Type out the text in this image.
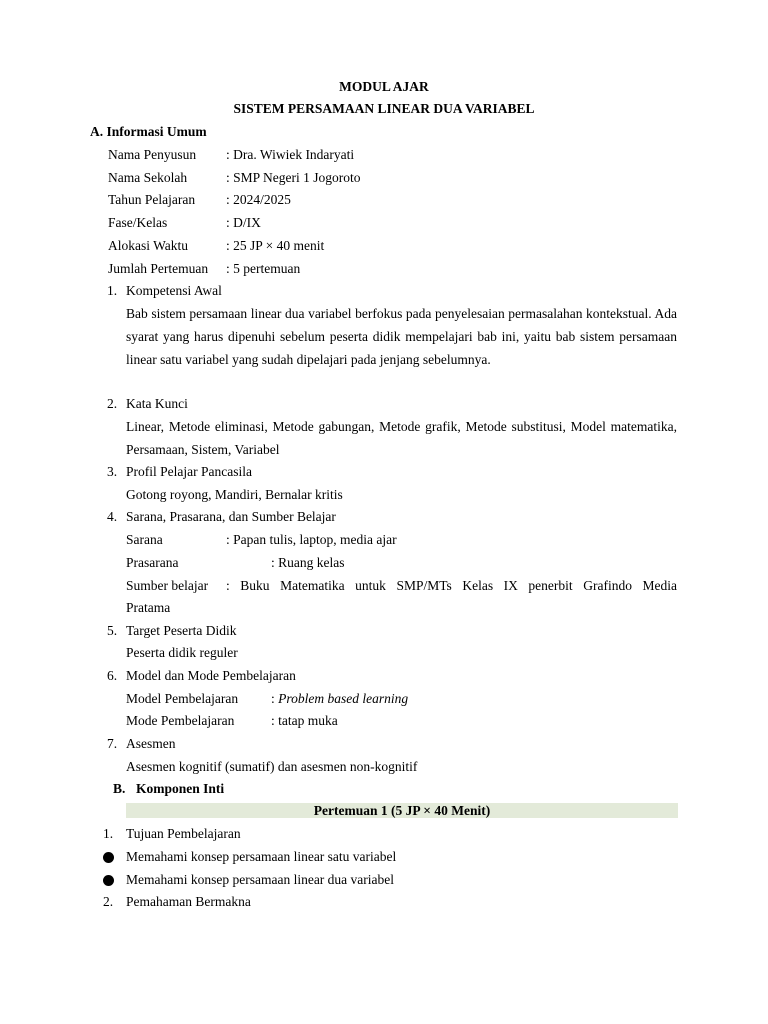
MODUL AJAR
SISTEM PERSAMAAN LINEAR DUA VARIABEL
A. Informasi Umum
Nama Penyusun : Dra. Wiwiek Indaryati
Nama Sekolah	: SMP Negeri 1 Jogoroto
Tahun Pelajaran : 2024/2025
Fase/Kelas	: D/IX
Alokasi Waktu	: 25 JP × 40 menit
Jumlah Pertemuan : 5 pertemuan
1. Kompetensi Awal
Bab sistem persamaan linear dua variabel berfokus pada penyelesaian permasalahan kontekstual. Ada syarat yang harus dipenuhi sebelum peserta didik mempelajari bab ini, yaitu bab sistem persamaan linear satu variabel yang sudah dipelajari pada jenjang sebelumnya.
2. Kata Kunci
Linear, Metode eliminasi, Metode gabungan, Metode grafik, Metode substitusi, Model matematika, Persamaan, Sistem, Variabel
3. Profil Pelajar Pancasila
Gotong royong, Mandiri, Bernalar kritis
4. Sarana, Prasarana, dan Sumber Belajar
Sarana	: Papan tulis, laptop, media ajar
Prasarana	: Ruang kelas
Sumber belajar : Buku Matematika untuk SMP/MTs Kelas IX penerbit Grafindo Media
Pratama
5. Target Peserta Didik
Peserta didik reguler
6. Model dan Mode Pembelajaran
Model Pembelajaran : Problem based learning
Mode Pembelajaran	: tatap muka
7. Asesmen
Asesmen kognitif (sumatif) dan asesmen non-kognitif
B. Komponen Inti
Pertemuan 1 (5 JP × 40 Menit)
1. Tujuan Pembelajaran
Memahami konsep persamaan linear satu variabel
Memahami konsep persamaan linear dua variabel
2. Pemahaman Bermakna
